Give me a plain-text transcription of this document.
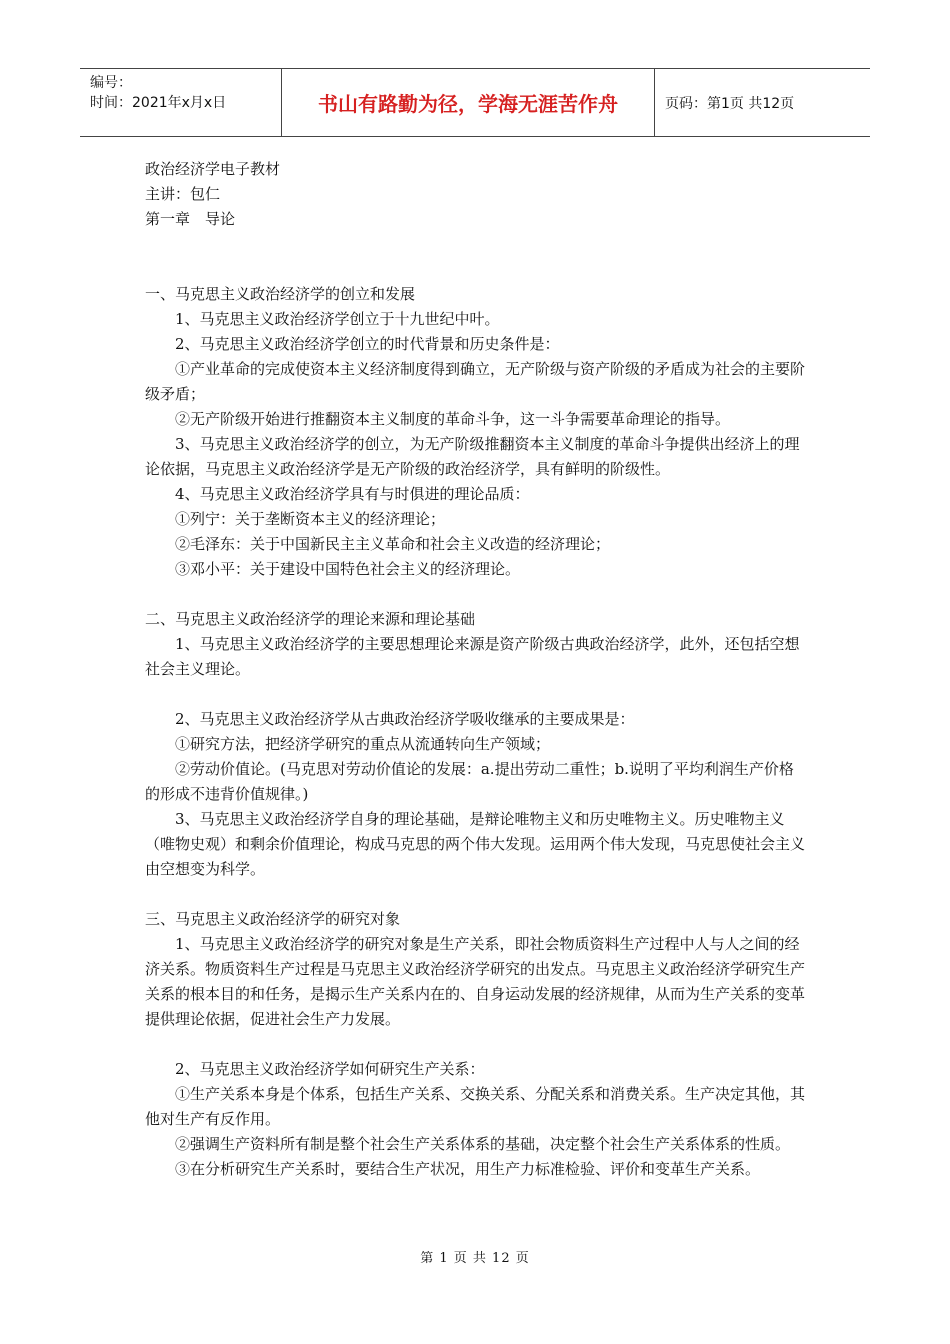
编号：
时间：2021年x月x日	书山有路勤为径，学海无涯苦作舟	页码：第1页 共12页

政治经济学电子教材

主讲：包仁

第一章　导论

一、马克思主义政治经济学的创立和发展

1、马克思主义政治经济学创立于十九世纪中叶。

2、马克思主义政治经济学创立的时代背景和历史条件是：

①产业革命的完成使资本主义经济制度得到确立，无产阶级与资产阶级的矛盾成为社会的主要阶级矛盾；

②无产阶级开始进行推翻资本主义制度的革命斗争，这一斗争需要革命理论的指导。

3、马克思主义政治经济学的创立，为无产阶级推翻资本主义制度的革命斗争提供出经济上的理论依据，马克思主义政治经济学是无产阶级的政治经济学，具有鲜明的阶级性。

4、马克思主义政治经济学具有与时俱进的理论品质：

①列宁：关于垄断资本主义的经济理论；

②毛泽东：关于中国新民主主义革命和社会主义改造的经济理论；

③邓小平：关于建设中国特色社会主义的经济理论。

二、马克思主义政治经济学的理论来源和理论基础

1、马克思主义政治经济学的主要思想理论来源是资产阶级古典政治经济学，此外，还包括空想社会主义理论。

2、马克思主义政治经济学从古典政治经济学吸收继承的主要成果是：

①研究方法，把经济学研究的重点从流通转向生产领域；

②劳动价值论。(马克思对劳动价值论的发展：a.提出劳动二重性；b.说明了平均利润生产价格的形成不违背价值规律。)

3、马克思主义政治经济学自身的理论基础，是辩论唯物主义和历史唯物主义。历史唯物主义（唯物史观）和剩余价值理论，构成马克思的两个伟大发现。运用两个伟大发现，马克思使社会主义由空想变为科学。

三、马克思主义政治经济学的研究对象

1、马克思主义政治经济学的研究对象是生产关系，即社会物质资料生产过程中人与人之间的经济关系。物质资料生产过程是马克思主义政治经济学研究的出发点。马克思主义政治经济学研究生产关系的根本目的和任务，是揭示生产关系内在的、自身运动发展的经济规律，从而为生产关系的变革提供理论依据，促进社会生产力发展。

2、马克思主义政治经济学如何研究生产关系：

①生产关系本身是个体系，包括生产关系、交换关系、分配关系和消费关系。生产决定其他，其他对生产有反作用。

②强调生产资料所有制是整个社会生产关系体系的基础，决定整个社会生产关系体系的性质。

③在分析研究生产关系时，要结合生产状况，用生产力标准检验、评价和变革生产关系。

第 1 页 共 12 页
